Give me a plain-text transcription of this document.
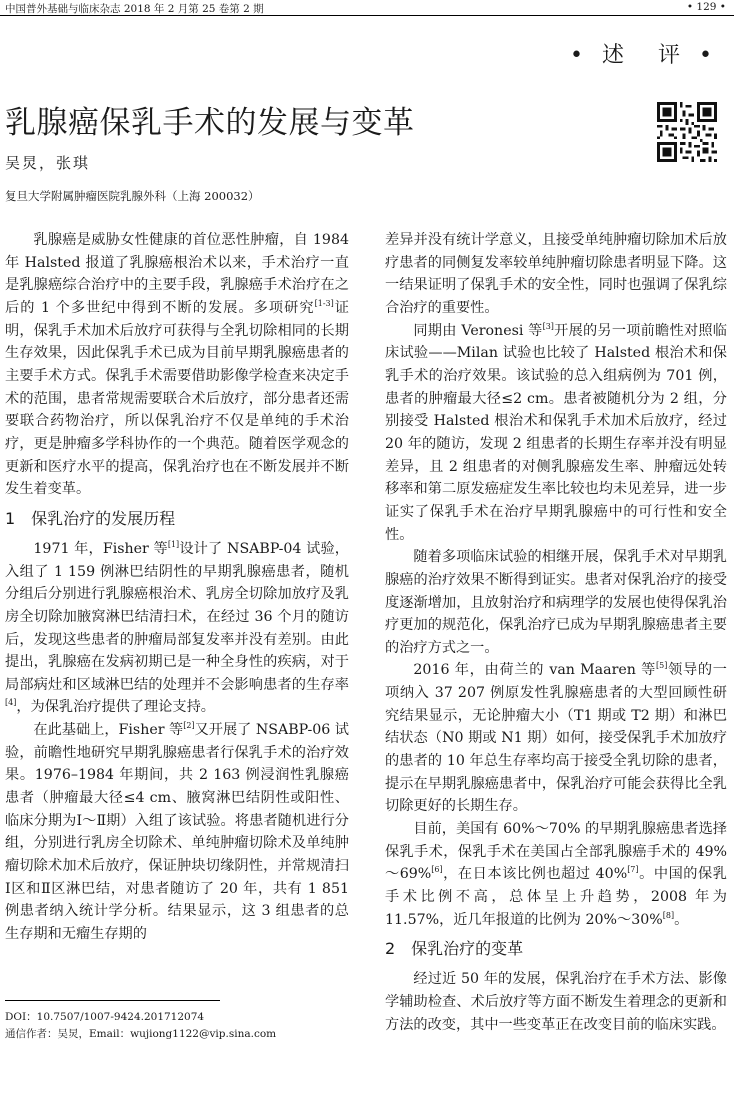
中国普外基础与临床杂志 2018 年 2 月第 25 卷第 2 期	• 129 •
• 述　评 •
乳腺癌保乳手术的发展与变革
吴炅，张琪
复旦大学附属肿瘤医院乳腺外科（上海 200032）

乳腺癌是威胁女性健康的首位恶性肿瘤，自 1984 年 Halsted 报道了乳腺癌根治术以来，手术治疗一直是乳腺癌综合治疗中的主要手段，乳腺癌手术治疗在之后的 1 个多世纪中得到不断的发展。多项研究[1-3]证明，保乳手术加术后放疗可获得与全乳切除相同的长期生存效果，因此保乳手术已成为目前早期乳腺癌患者的主要手术方式。保乳手术需要借助影像学检查来决定手术的范围，患者常规需要联合术后放疗，部分患者还需要联合药物治疗，所以保乳治疗不仅是单纯的手术治疗，更是肿瘤多学科协作的一个典范。随着医学观念的更新和医疗水平的提高，保乳治疗也在不断发展并不断发生着变革。

1　保乳治疗的发展历程

1971 年，Fisher 等[1]设计了 NSABP-04 试验，入组了 1 159 例淋巴结阴性的早期乳腺癌患者，随机分组后分别进行乳腺癌根治术、乳房全切除加放疗及乳房全切除加腋窝淋巴结清扫术，在经过 36 个月的随访后，发现这些患者的肿瘤局部复发率并没有差别。由此提出，乳腺癌在发病初期已是一种全身性的疾病，对于局部病灶和区域淋巴结的处理并不会影响患者的生存率[4]，为保乳治疗提供了理论支持。

在此基础上，Fisher 等[2]又开展了 NSABP-06 试验，前瞻性地研究早期乳腺癌患者行保乳手术的治疗效果。1976–1984 年期间，共 2 163 例浸润性乳腺癌患者（肿瘤最大径≤4 cm、腋窝淋巴结阴性或阳性、临床分期为Ⅰ～Ⅱ期）入组了该试验。将患者随机进行分组，分别进行乳房全切除术、单纯肿瘤切除术及单纯肿瘤切除术加术后放疗，保证肿块切缘阴性，并常规清扫Ⅰ区和Ⅱ区淋巴结，对患者随访了 20 年，共有 1 851 例患者纳入统计学分析。结果显示，这 3 组患者的总生存期和无瘤生存期的

差异并没有统计学意义，且接受单纯肿瘤切除加术后放疗患者的同侧复发率较单纯肿瘤切除患者明显下降。这一结果证明了保乳手术的安全性，同时也强调了保乳综合治疗的重要性。

同期由 Veronesi 等[3]开展的另一项前瞻性对照临床试验——Milan 试验也比较了 Halsted 根治术和保乳手术的治疗效果。该试验的总入组病例为 701 例，患者的肿瘤最大径≤2 cm。患者被随机分为 2 组，分别接受 Halsted 根治术和保乳手术加术后放疗，经过 20 年的随访，发现 2 组患者的长期生存率并没有明显差异，且 2 组患者的对侧乳腺癌发生率、肿瘤远处转移率和第二原发癌症发生率比较也均未见差异，进一步证实了保乳手术在治疗早期乳腺癌中的可行性和安全性。

随着多项临床试验的相继开展，保乳手术对早期乳腺癌的治疗效果不断得到证实。患者对保乳治疗的接受度逐渐增加，且放射治疗和病理学的发展也使得保乳治疗更加的规范化，保乳治疗已成为早期乳腺癌患者主要的治疗方式之一。

2016 年，由荷兰的 van Maaren 等[5]领导的一项纳入 37 207 例原发性乳腺癌患者的大型回顾性研究结果显示，无论肿瘤大小（T1 期或 T2 期）和淋巴结状态（N0 期或 N1 期）如何，接受保乳手术加放疗的患者的 10 年总生存率均高于接受全乳切除的患者，提示在早期乳腺癌患者中，保乳治疗可能会获得比全乳切除更好的长期生存。

目前，美国有 60%～70% 的早期乳腺癌患者选择保乳手术，保乳手术在美国占全部乳腺癌手术的 49%～69%[6]，在日本该比例也超过 40%[7]。中国的保乳手术比例不高，总体呈上升趋势，2008 年为 11.57%，近几年报道的比例为 20%～30%[8]。

2　保乳治疗的变革

经过近 50 年的发展，保乳治疗在手术方法、影像学辅助检查、术后放疗等方面不断发生着理念的更新和方法的改变，其中一些变革正在改变目前的临床实践。

DOI：10.7507/1007-9424.201712074
通信作者：吴炅，Email：wujiong1122@vip.sina.com
